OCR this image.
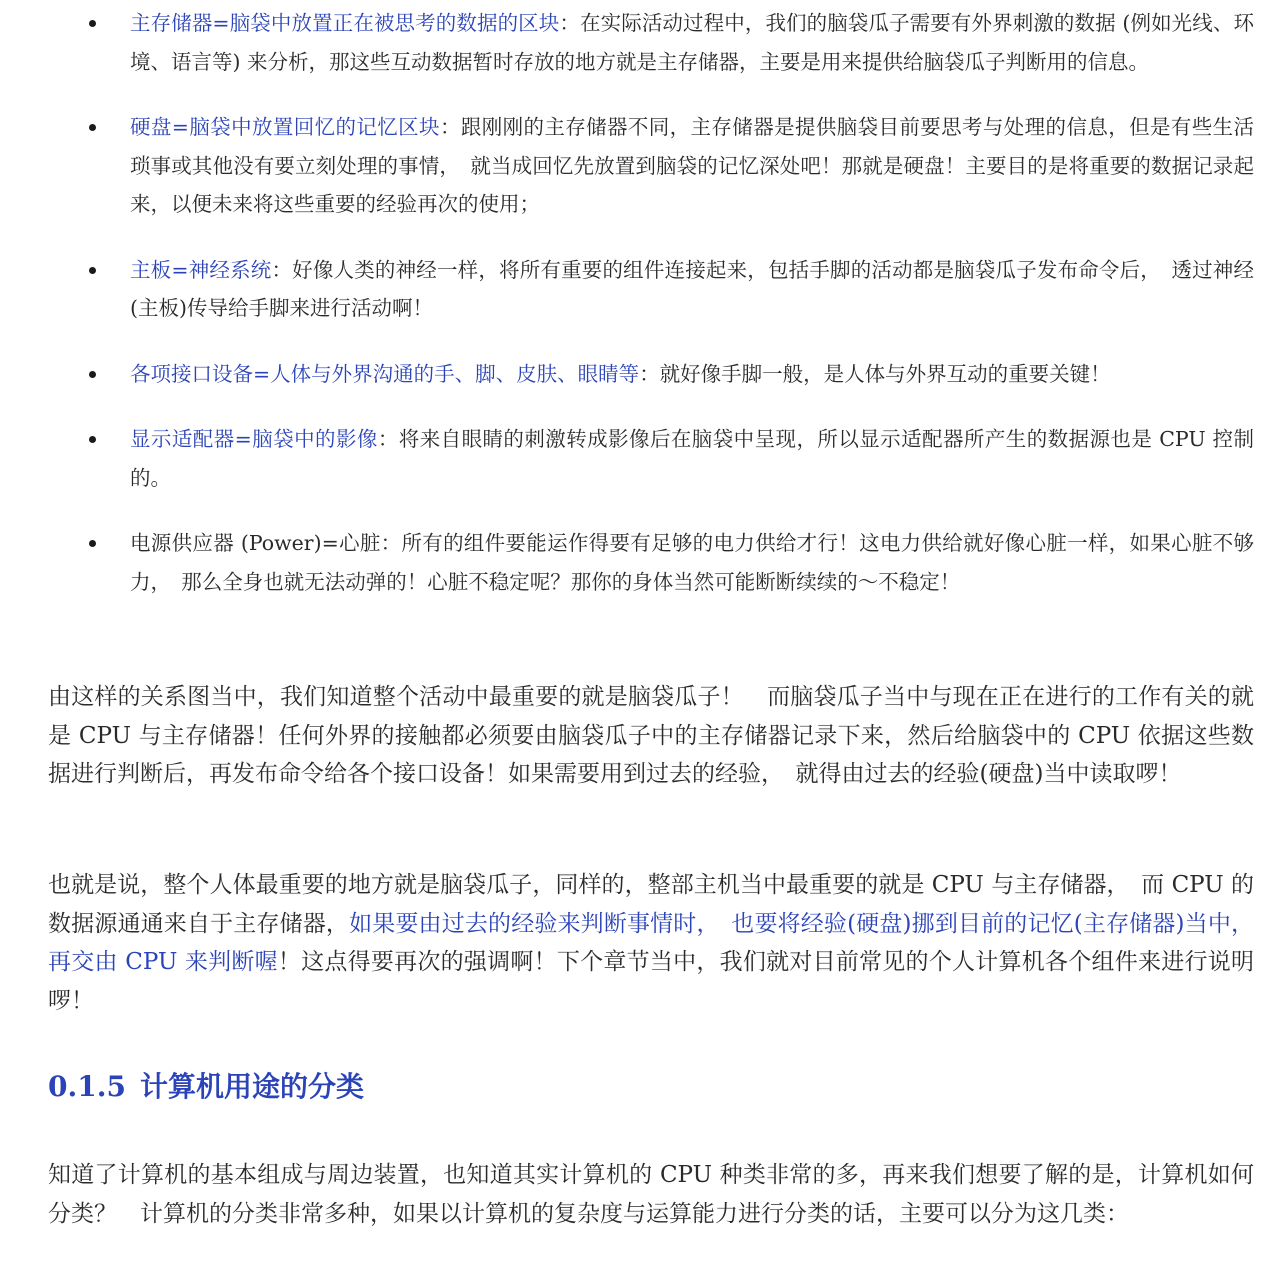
主存储器=脑袋中放置正在被思考的数据的区块：在实际活动过程中，我们的脑袋瓜子需要有外界刺激的数据 (例如光线、环境、语言等) 来分析，那这些互动数据暂时存放的地方就是主存储器，主要是用来提供给脑袋瓜子判断用的信息。
硬盘=脑袋中放置回忆的记忆区块：跟刚刚的主存储器不同，主存储器是提供脑袋目前要思考与处理的信息，但是有些生活琐事或其他没有要立刻处理的事情，　就当成回忆先放置到脑袋的记忆深处吧！那就是硬盘！主要目的是将重要的数据记录起来，以便未来将这些重要的经验再次的使用；
主板=神经系统：好像人类的神经一样，将所有重要的组件连接起来，包括手脚的活动都是脑袋瓜子发布命令后，　透过神经(主板)传导给手脚来进行活动啊！
各项接口设备=人体与外界沟通的手、脚、皮肤、眼睛等：就好像手脚一般，是人体与外界互动的重要关键！
显示适配器=脑袋中的影像：将来自眼睛的刺激转成影像后在脑袋中呈现，所以显示适配器所产生的数据源也是 CPU 控制的。
电源供应器 (Power)=心脏：所有的组件要能运作得要有足够的电力供给才行！这电力供给就好像心脏一样，如果心脏不够力，　那么全身也就无法动弹的！心脏不稳定呢？那你的身体当然可能断断续续的～不稳定！

由这样的关系图当中，我们知道整个活动中最重要的就是脑袋瓜子！　而脑袋瓜子当中与现在正在进行的工作有关的就是 CPU 与主存储器！任何外界的接触都必须要由脑袋瓜子中的主存储器记录下来，然后给脑袋中的 CPU 依据这些数据进行判断后，再发布命令给各个接口设备！如果需要用到过去的经验，　就得由过去的经验(硬盘)当中读取啰！

也就是说，整个人体最重要的地方就是脑袋瓜子，同样的，整部主机当中最重要的就是 CPU 与主存储器，　而 CPU 的数据源通通来自于主存储器，如果要由过去的经验来判断事情时，　也要将经验(硬盘)挪到目前的记忆(主存储器)当中，再交由 CPU 来判断喔！这点得要再次的强调啊！下个章节当中，我们就对目前常见的个人计算机各个组件来进行说明啰！

0.1.5 计算机用途的分类

知道了计算机的基本组成与周边装置，也知道其实计算机的 CPU 种类非常的多，再来我们想要了解的是，计算机如何分类？　计算机的分类非常多种，如果以计算机的复杂度与运算能力进行分类的话，主要可以分为这几类：
